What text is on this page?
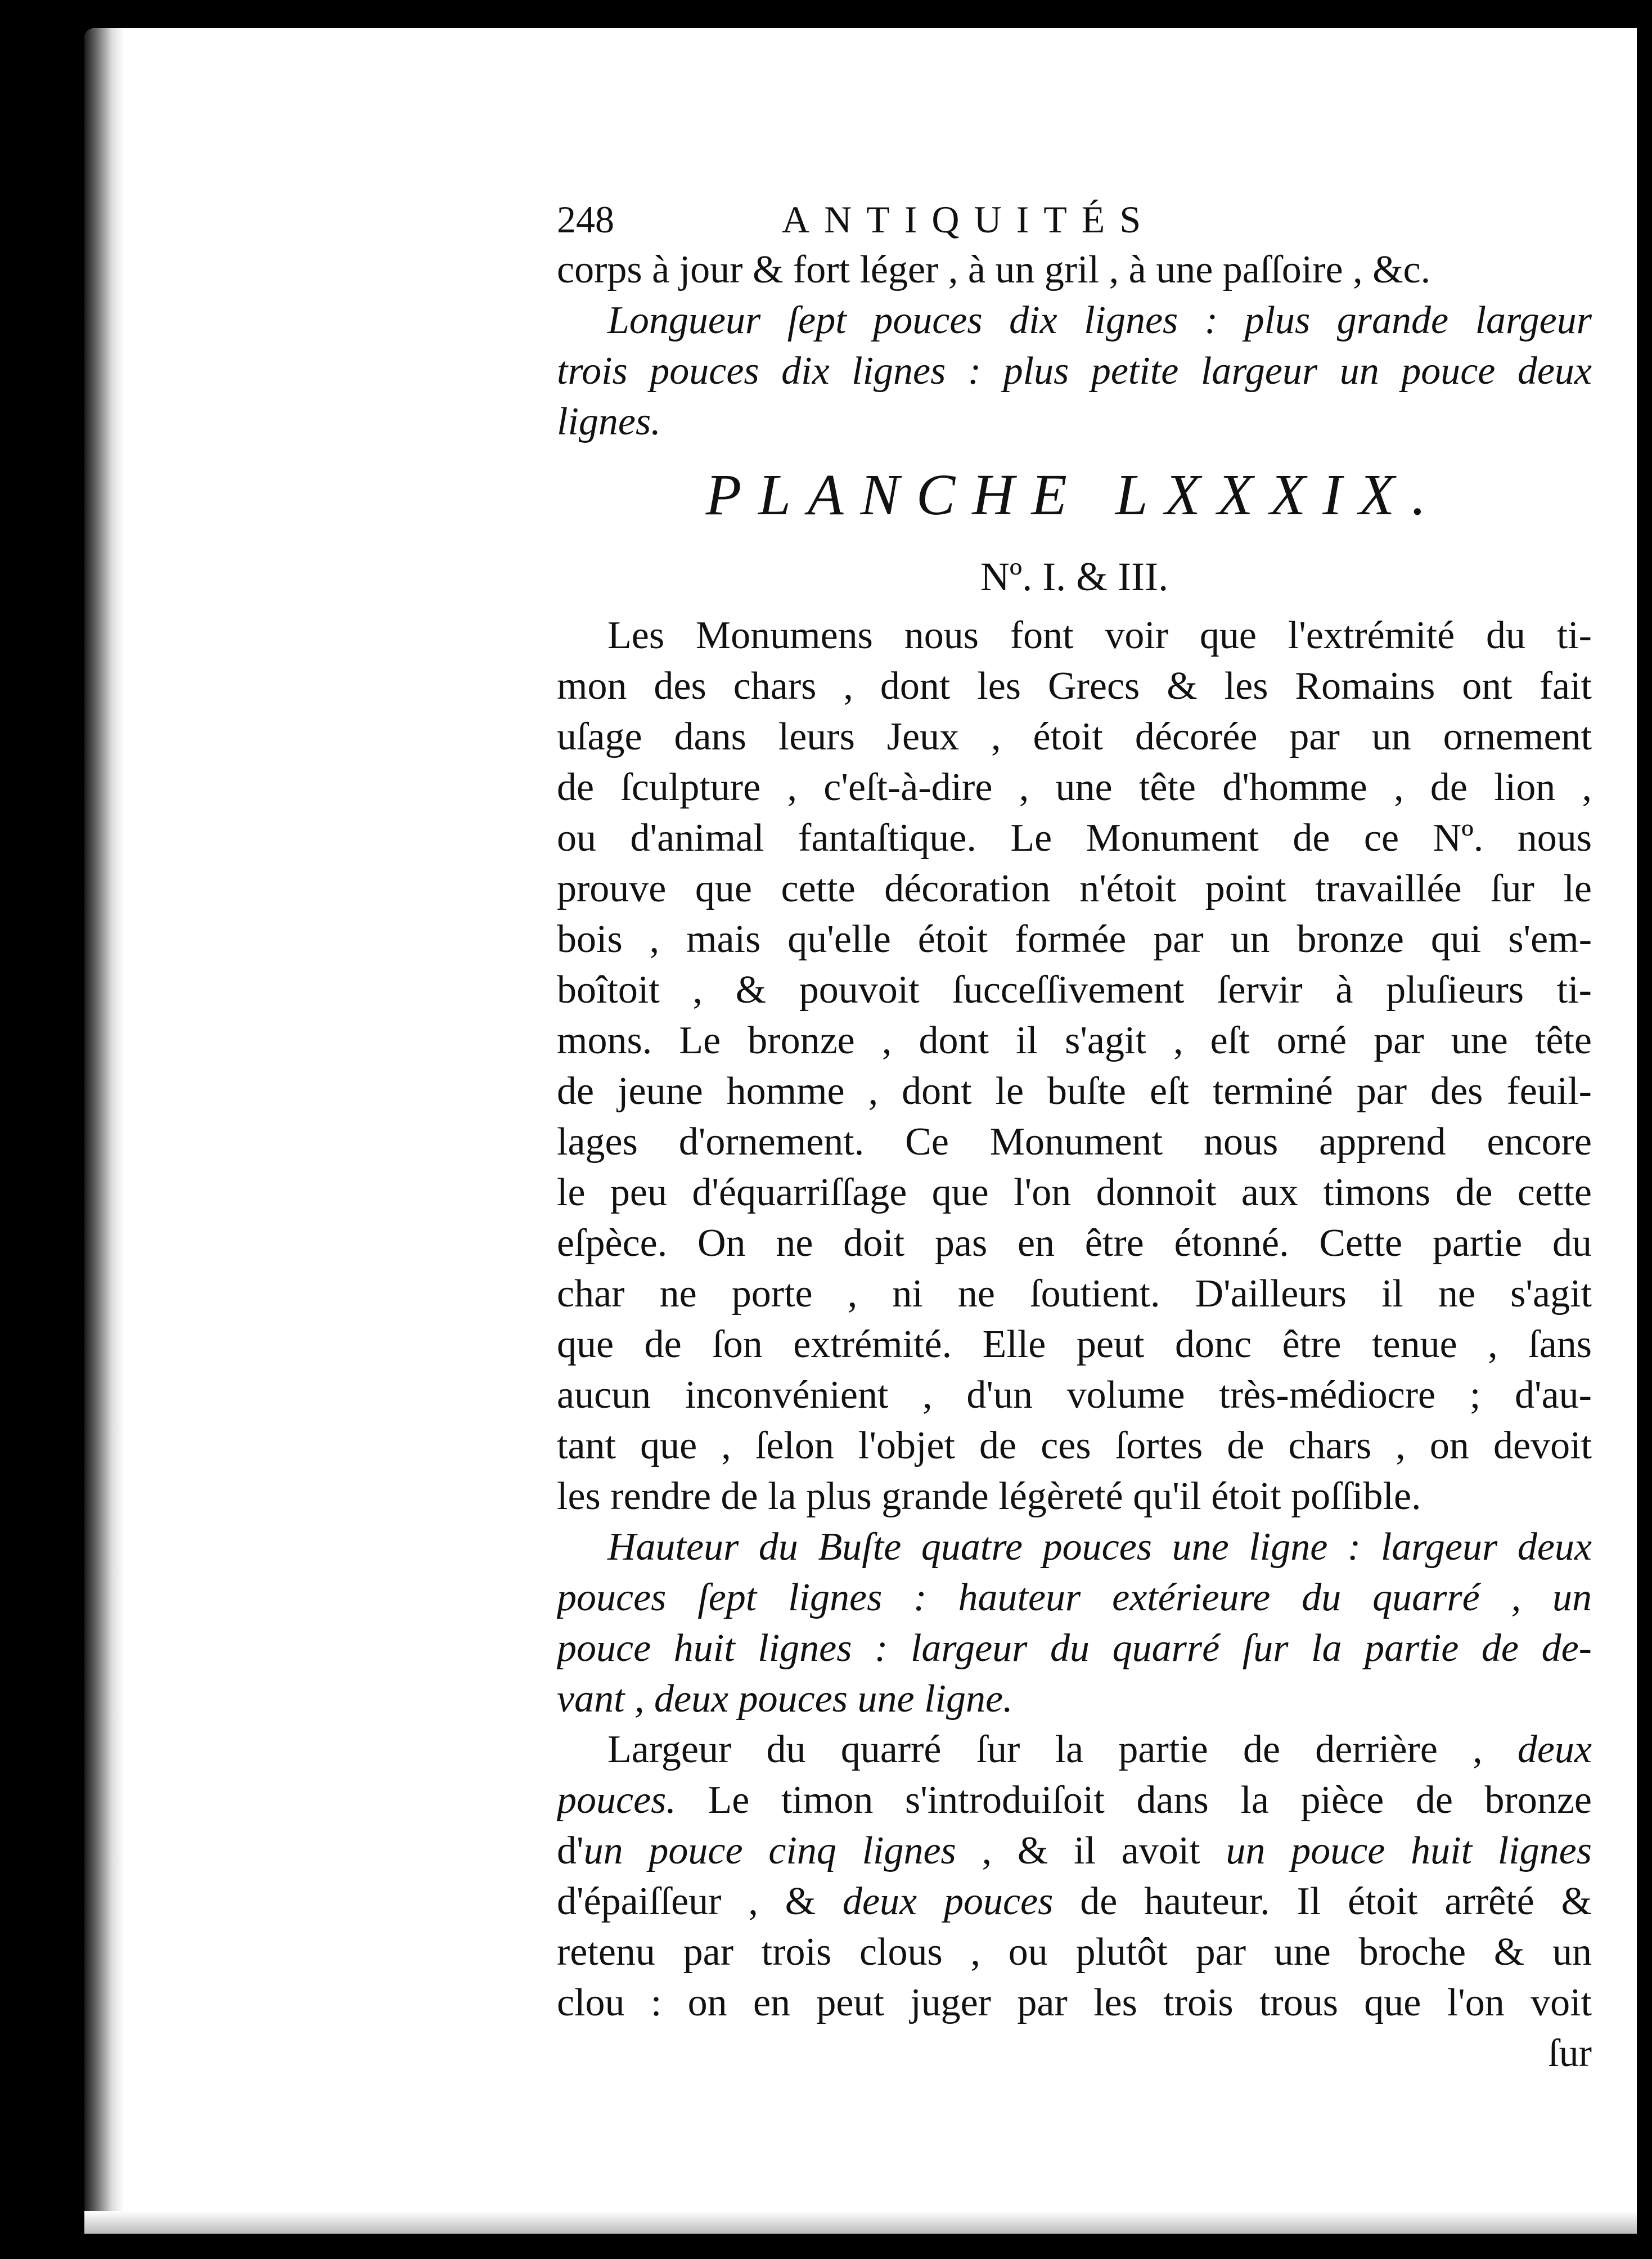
248	ANTIQUITÉS
corps à jour & fort léger , à un gril , à une paſſoire , &c.
Longueur ſept pouces dix lignes : plus grande largeur
trois pouces dix lignes : plus petite largeur un pouce deux
lignes.
PLANCHE LXXXIX.
Nº. I. & III.
Les Monumens nous font voir que l'extrémité du ti-
mon des chars , dont les Grecs & les Romains ont fait
uſage dans leurs Jeux , étoit décorée par un ornement
de ſculpture , c'eſt-à-dire , une tête d'homme , de lion ,
ou d'animal fantaſtique. Le Monument de ce Nº. nous
prouve que cette décoration n'étoit point travaillée ſur le
bois , mais qu'elle étoit formée par un bronze qui s'em-
boîtoit , & pouvoit ſucceſſivement ſervir à pluſieurs ti-
mons. Le bronze , dont il s'agit , eſt orné par une tête
de jeune homme , dont le buſte eſt terminé par des feuil-
lages d'ornement. Ce Monument nous apprend encore
le peu d'équarriſſage que l'on donnoit aux timons de cette
eſpèce. On ne doit pas en être étonné. Cette partie du
char ne porte , ni ne ſoutient. D'ailleurs il ne s'agit
que de ſon extrémité. Elle peut donc être tenue , ſans
aucun inconvénient , d'un volume très-médiocre ; d'au-
tant que , ſelon l'objet de ces ſortes de chars , on devoit
les rendre de la plus grande légèreté qu'il étoit poſſible.
Hauteur du Buſte quatre pouces une ligne : largeur deux
pouces ſept lignes : hauteur extérieure du quarré , un
pouce huit lignes : largeur du quarré ſur la partie de de-
vant , deux pouces une ligne.
Largeur du quarré ſur la partie de derrière , deux
pouces. Le timon s'introduiſoit dans la pièce de bronze
d'un pouce cinq lignes , & il avoit un pouce huit lignes
d'épaiſſeur , & deux pouces de hauteur. Il étoit arrêté &
retenu par trois clous , ou plutôt par une broche & un
clou : on en peut juger par les trois trous que l'on voit
ſur
